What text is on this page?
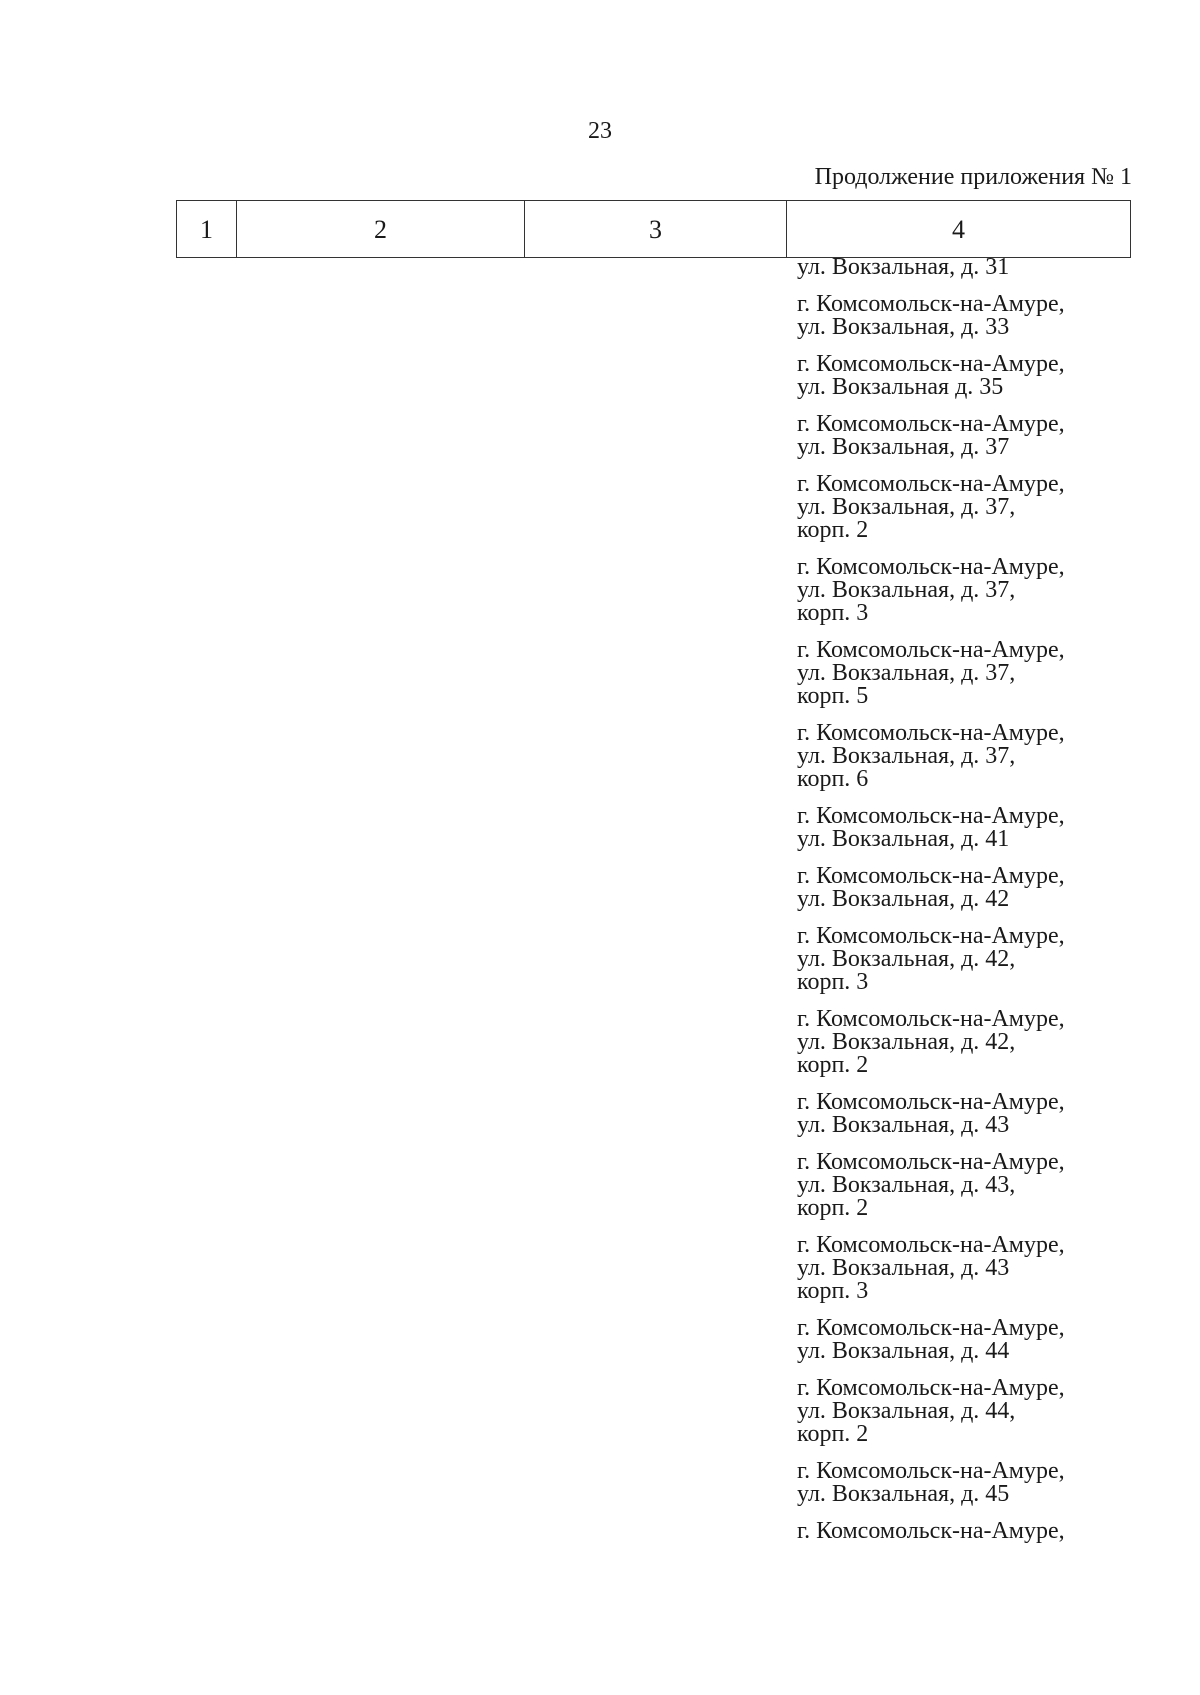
23
Продолжение приложения № 1
1	2	3	4
ул. Вокзальная, д. 31
г. Комсомольск-на-Амуре,
ул. Вокзальная, д. 33
г. Комсомольск-на-Амуре,
ул. Вокзальная д. 35
г. Комсомольск-на-Амуре,
ул. Вокзальная, д. 37
г. Комсомольск-на-Амуре,
ул. Вокзальная, д. 37,
корп. 2
г. Комсомольск-на-Амуре,
ул. Вокзальная, д. 37,
корп. 3
г. Комсомольск-на-Амуре,
ул. Вокзальная, д. 37,
корп. 5
г. Комсомольск-на-Амуре,
ул. Вокзальная, д. 37,
корп. 6
г. Комсомольск-на-Амуре,
ул. Вокзальная, д. 41
г. Комсомольск-на-Амуре,
ул. Вокзальная, д. 42
г. Комсомольск-на-Амуре,
ул. Вокзальная, д. 42,
корп. 3
г. Комсомольск-на-Амуре,
ул. Вокзальная, д. 42,
корп. 2
г. Комсомольск-на-Амуре,
ул. Вокзальная, д. 43
г. Комсомольск-на-Амуре,
ул. Вокзальная, д. 43,
корп. 2
г. Комсомольск-на-Амуре,
ул. Вокзальная, д. 43
корп. 3
г. Комсомольск-на-Амуре,
ул. Вокзальная, д. 44
г. Комсомольск-на-Амуре,
ул. Вокзальная, д. 44,
корп. 2
г. Комсомольск-на-Амуре,
ул. Вокзальная, д. 45
г. Комсомольск-на-Амуре,
